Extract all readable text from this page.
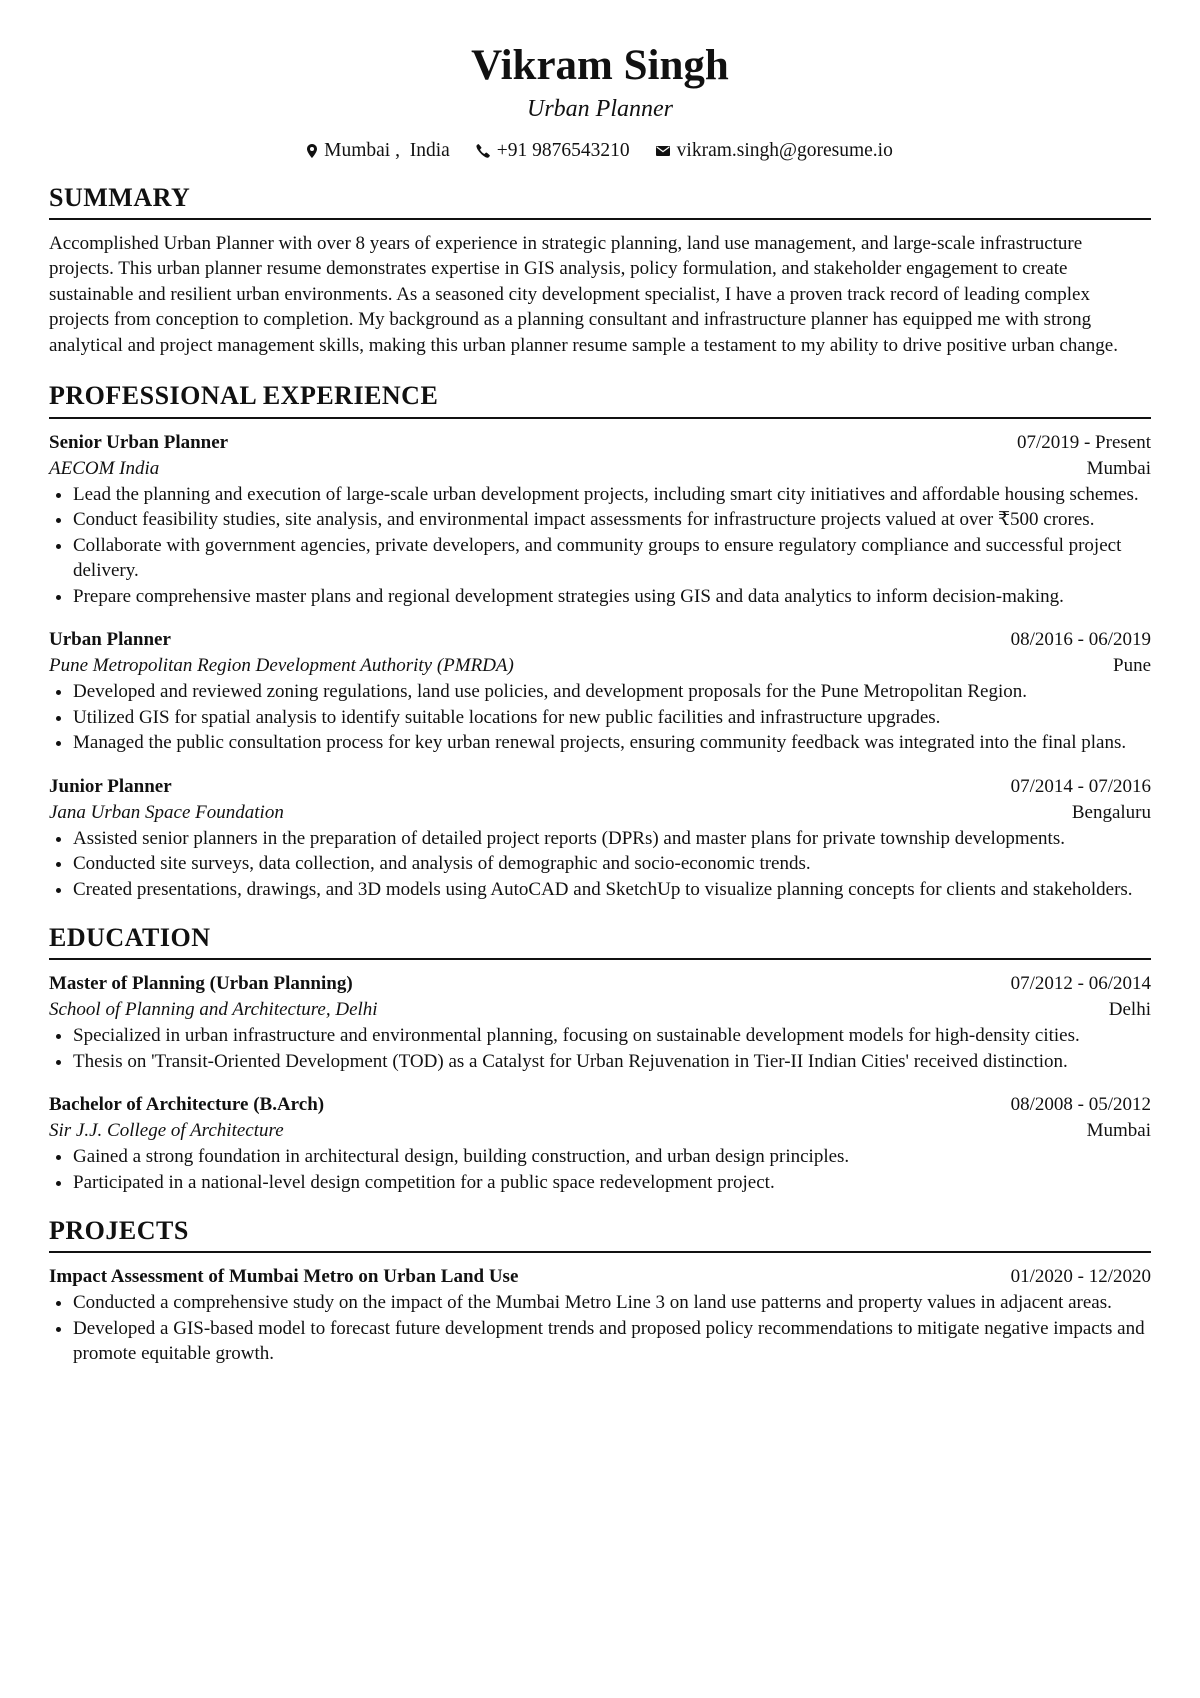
Vikram Singh
Urban Planner
Mumbai ,  India +91 9876543210 vikram.singh@goresume.io
SUMMARY

Accomplished Urban Planner with over 8 years of experience in strategic planning, land use management, and large-scale infrastructure projects. This urban planner resume demonstrates expertise in GIS analysis, policy formulation, and stakeholder engagement to create sustainable and resilient urban environments. As a seasoned city development specialist, I have a proven track record of leading complex projects from conception to completion. My background as a planning consultant and infrastructure planner has equipped me with strong analytical and project management skills, making this urban planner resume sample a testament to my ability to drive positive urban change.

PROFESSIONAL EXPERIENCE
Senior Urban Planner	07/2019 - Present
AECOM India	Mumbai
• Lead the planning and execution of large-scale urban development projects, including smart city initiatives and affordable housing schemes.
• Conduct feasibility studies, site analysis, and environmental impact assessments for infrastructure projects valued at over ₹500 crores.
• Collaborate with government agencies, private developers, and community groups to ensure regulatory compliance and successful project delivery.
• Prepare comprehensive master plans and regional development strategies using GIS and data analytics to inform decision-making.
Urban Planner	08/2016 - 06/2019
Pune Metropolitan Region Development Authority (PMRDA)	Pune
• Developed and reviewed zoning regulations, land use policies, and development proposals for the Pune Metropolitan Region.
• Utilized GIS for spatial analysis to identify suitable locations for new public facilities and infrastructure upgrades.
• Managed the public consultation process for key urban renewal projects, ensuring community feedback was integrated into the final plans.
Junior Planner	07/2014 - 07/2016
Jana Urban Space Foundation	Bengaluru
• Assisted senior planners in the preparation of detailed project reports (DPRs) and master plans for private township developments.
• Conducted site surveys, data collection, and analysis of demographic and socio-economic trends.
• Created presentations, drawings, and 3D models using AutoCAD and SketchUp to visualize planning concepts for clients and stakeholders.
EDUCATION
Master of Planning (Urban Planning)	07/2012 - 06/2014
School of Planning and Architecture, Delhi	Delhi
• Specialized in urban infrastructure and environmental planning, focusing on sustainable development models for high-density cities.
• Thesis on 'Transit-Oriented Development (TOD) as a Catalyst for Urban Rejuvenation in Tier-II Indian Cities' received distinction.
Bachelor of Architecture (B.Arch)	08/2008 - 05/2012
Sir J.J. College of Architecture	Mumbai
• Gained a strong foundation in architectural design, building construction, and urban design principles.
• Participated in a national-level design competition for a public space redevelopment project.
PROJECTS
Impact Assessment of Mumbai Metro on Urban Land Use	01/2020 - 12/2020
• Conducted a comprehensive study on the impact of the Mumbai Metro Line 3 on land use patterns and property values in adjacent areas.
• Developed a GIS-based model to forecast future development trends and proposed policy recommendations to mitigate negative impacts and promote equitable growth.
